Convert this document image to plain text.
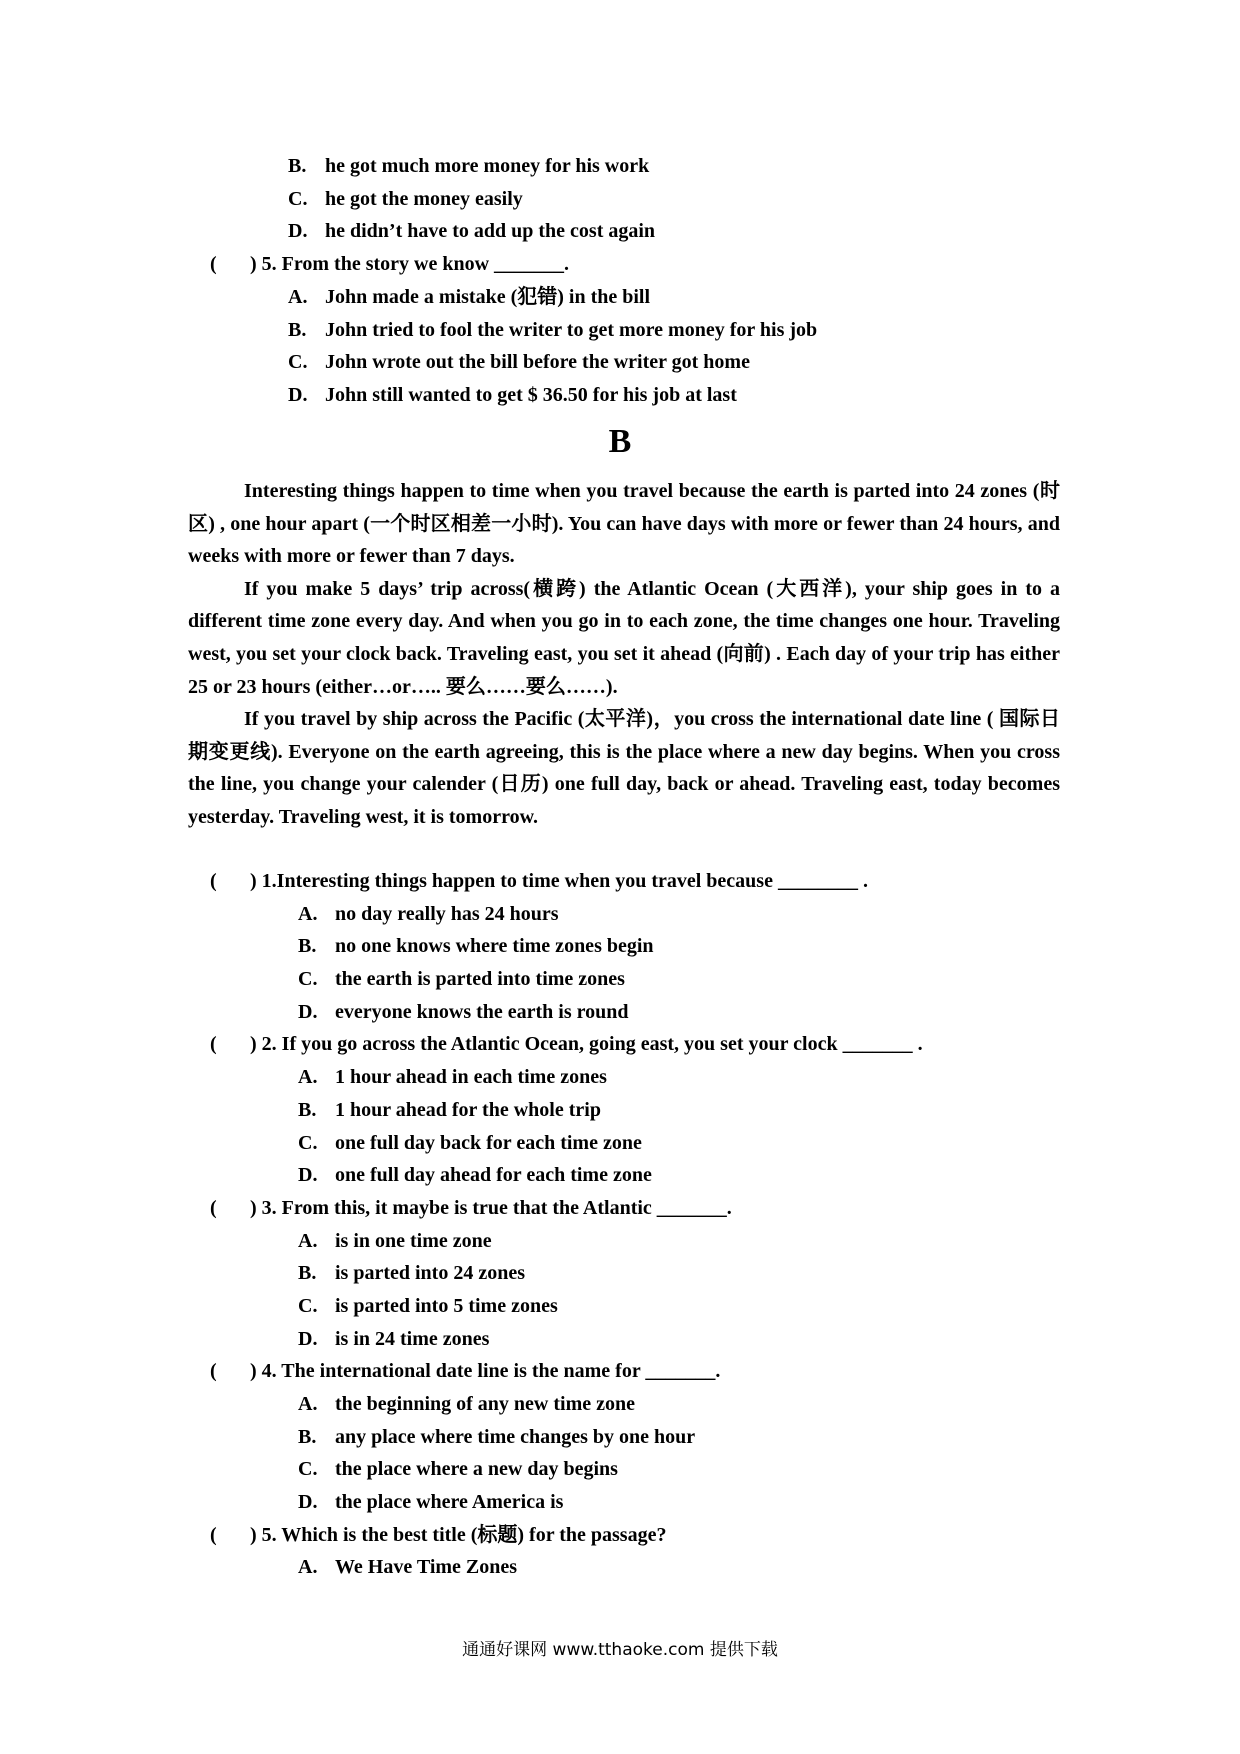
B. he got much more money for his work
C. he got the money easily
D. he didn’t have to add up the cost again
( ) 5. From the story we know _______.
A. John made a mistake (犯错) in the bill
B. John tried to fool the writer to get more money for his job
C. John wrote out the bill before the writer got home
D. John still wanted to get $ 36.50 for his job at last
B

Interesting things happen to time when you travel because the earth is parted into 24 zones (时区) , one hour apart (一个时区相差一小时). You can have days with more or fewer than 24 hours, and weeks with more or fewer than 7 days.

If you make 5 days’ trip across(横跨) the Atlantic Ocean (大西洋), your ship goes in to a different time zone every day. And when you go in to each zone, the time changes one hour. Traveling west, you set your clock back. Traveling east, you set it ahead (向前) . Each day of your trip has either 25 or 23 hours (either…or….. 要么……要么……).

If you travel by ship across the Pacific (太平洋)，you cross the international date line ( 国际日期变更线). Everyone on the earth agreeing, this is the place where a new day begins. When you cross the line, you change your calender (日历) one full day, back or ahead. Traveling east, today becomes yesterday. Traveling west, it is tomorrow.

( ) 1.Interesting things happen to time when you travel because ________ .
A. no day really has 24 hours
B. no one knows where time zones begin
C. the earth is parted into time zones
D. everyone knows the earth is round
( ) 2. If you go across the Atlantic Ocean, going east, you set your clock _______ .
A. 1 hour ahead in each time zones
B. 1 hour ahead for the whole trip
C. one full day back for each time zone
D. one full day ahead for each time zone
( ) 3. From this, it maybe is true that the Atlantic _______.
A. is in one time zone
B. is parted into 24 zones
C. is parted into 5 time zones
D. is in 24 time zones
( ) 4. The international date line is the name for _______.
A. the beginning of any new time zone
B. any place where time changes by one hour
C. the place where a new day begins
D. the place where America is
( ) 5. Which is the best title (标题) for the passage?
A. We Have Time Zones
通通好课网 www.tthaoke.com 提供下载
